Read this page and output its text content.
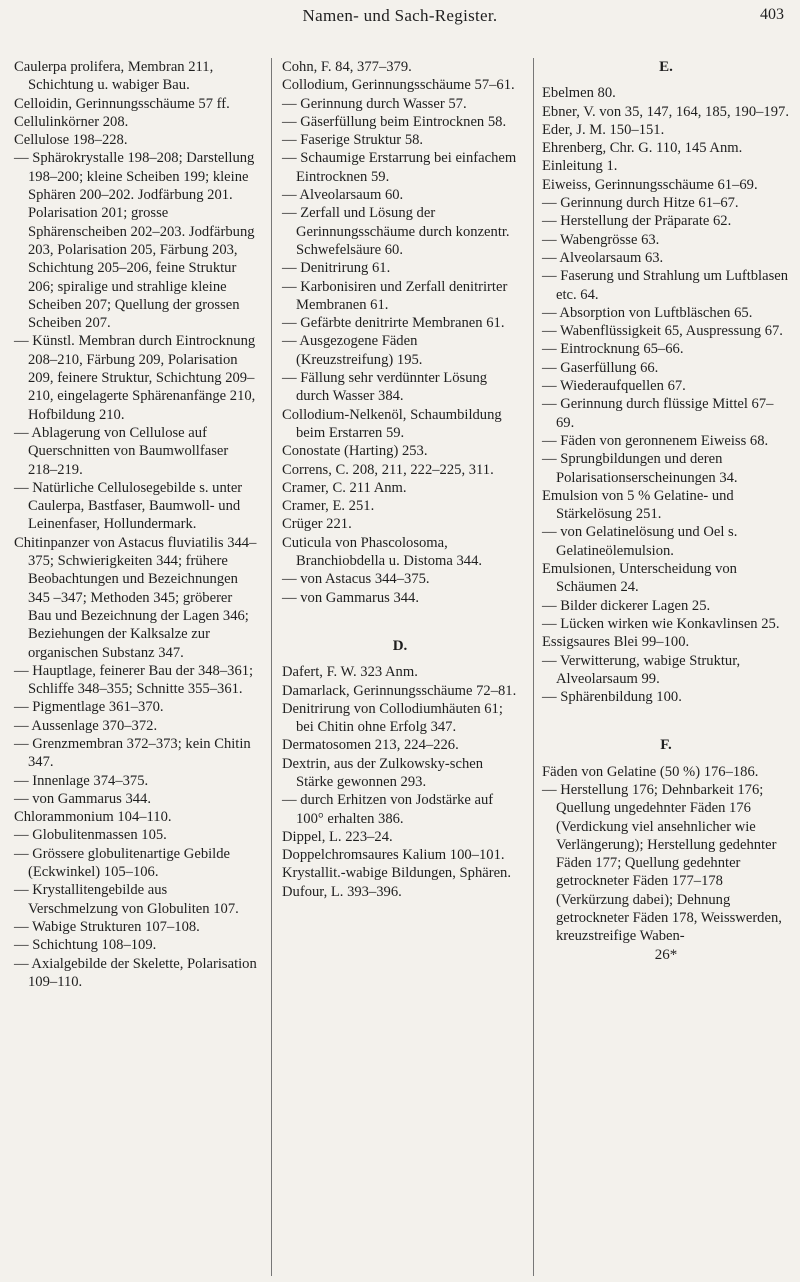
Namen- und Sach-Register.	403
Caulerpa prolifera, Membran 211, Schichtung u. wabiger Bau.
Celloidin, Gerinnungsschäume 57 ff.
Cellulinkörner 208.
Cellulose 198–228.
— Sphärokrystalle 198–208; Darstellung 198–200; kleine Scheiben 199; kleine Sphären 200–202. Jodfärbung 201. Polarisation 201; grosse Sphärenscheiben 202–203. Jodfärbung 203, Polarisation 205, Färbung 203, Schichtung 205–206, feine Struktur 206; spiralige und strahlige kleine Scheiben 207; Quellung der grossen Scheiben 207.
— Künstl. Membran durch Eintrocknung 208–210, Färbung 209, Polarisation 209, feinere Struktur, Schichtung 209–210, eingelagerte Sphärenanfänge 210, Hofbildung 210.
— Ablagerung von Cellulose auf Querschnitten von Baumwollfaser 218–219.
— Natürliche Cellulosegebilde s. unter Caulerpa, Bastfaser, Baumwoll- und Leinenfaser, Hollundermark.
Chitinpanzer von Astacus fluviatilis 344–375; Schwierigkeiten 344; frühere Beobachtungen und Bezeichnungen 345 –347; Methoden 345; gröberer Bau und Bezeichnung der Lagen 346; Beziehungen der Kalksalze zur organischen Substanz 347.
— Hauptlage, feinerer Bau der 348–361; Schliffe 348–355; Schnitte 355–361.
— Pigmentlage 361–370.
— Aussenlage 370–372.
— Grenzmembran 372–373; kein Chitin 347.
— Innenlage 374–375.
— von Gammarus 344.
Chlorammonium 104–110.
— Globulitenmassen 105.
— Grössere globulitenartige Gebilde (Eckwinkel) 105–106.
— Krystallitengebilde aus Verschmelzung von Globuliten 107.
— Wabige Strukturen 107–108.
— Schichtung 108–109.
— Axialgebilde der Skelette, Polarisation 109–110.
Cohn, F. 84, 377–379.
Collodium, Gerinnungsschäume 57–61.
— Gerinnung durch Wasser 57.
— Gäserfüllung beim Eintrocknen 58.
— Faserige Struktur 58.
— Schaumige Erstarrung bei einfachem Eintrocknen 59.
— Alveolarsaum 60.
— Zerfall und Lösung der Gerinnungsschäume durch konzentr. Schwefelsäure 60.
— Denitrirung 61.
— Karbonisiren und Zerfall denitrirter Membranen 61.
— Gefärbte denitrirte Membranen 61.
— Ausgezogene Fäden (Kreuzstreifung) 195.
— Fällung sehr verdünnter Lösung durch Wasser 384.
Collodium-Nelkenöl, Schaumbildung beim Erstarren 59.
Conostate (Harting) 253.
Correns, C. 208, 211, 222–225, 311.
Cramer, C. 211 Anm.
Cramer, E. 251.
Crüger 221.
Cuticula von Phascolosoma, Branchiobdella u. Distoma 344.
— von Astacus 344–375.
— von Gammarus 344.
D.
Dafert, F. W. 323 Anm.
Damarlack, Gerinnungsschäume 72–81.
Denitrirung von Collodiumhäuten 61; bei Chitin ohne Erfolg 347.
Dermatosomen 213, 224–226.
Dextrin, aus der Zulkowsky-schen Stärke gewonnen 293.
— durch Erhitzen von Jodstärke auf 100° erhalten 386.
Dippel, L. 223–24.
Doppelchromsaures Kalium 100–101.
Krystallit.-wabige Bildungen, Sphären.
Dufour, L. 393–396.
E.
Ebelmen 80.
Ebner, V. von 35, 147, 164, 185, 190–197.
Eder, J. M. 150–151.
Ehrenberg, Chr. G. 110, 145 Anm.
Einleitung 1.
Eiweiss, Gerinnungsschäume 61–69.
— Gerinnung durch Hitze 61–67.
— Herstellung der Präparate 62.
— Wabengrösse 63.
— Alveolarsaum 63.
— Faserung und Strahlung um Luftblasen etc. 64.
— Absorption von Luftbläschen 65.
— Wabenflüssigkeit 65, Auspressung 67.
— Eintrocknung 65–66.
— Gaserfüllung 66.
— Wiederaufquellen 67.
— Gerinnung durch flüssige Mittel 67–69.
— Fäden von geronnenem Eiweiss 68.
— Sprungbildungen und deren Polarisationserscheinungen 34.
Emulsion von 5 % Gelatine- und Stärkelösung 251.
— von Gelatinelösung und Oel s. Gelatineölemulsion.
Emulsionen, Unterscheidung von Schäumen 24.
— Bilder dickerer Lagen 25.
— Lücken wirken wie Konkavlinsen 25.
Essigsaures Blei 99–100.
— Verwitterung, wabige Struktur, Alveolarsaum 99.
— Sphärenbildung 100.
F.
Fäden von Gelatine (50 %) 176–186.
— Herstellung 176; Dehnbarkeit 176; Quellung ungedehnter Fäden 176 (Verdickung viel ansehnlicher wie Verlängerung); Herstellung gedehnter Fäden 177; Quellung gedehnter getrockneter Fäden 177–178 (Verkürzung dabei); Dehnung getrockneter Fäden 178, Weisswerden, kreuzstreifige Waben-
26*
